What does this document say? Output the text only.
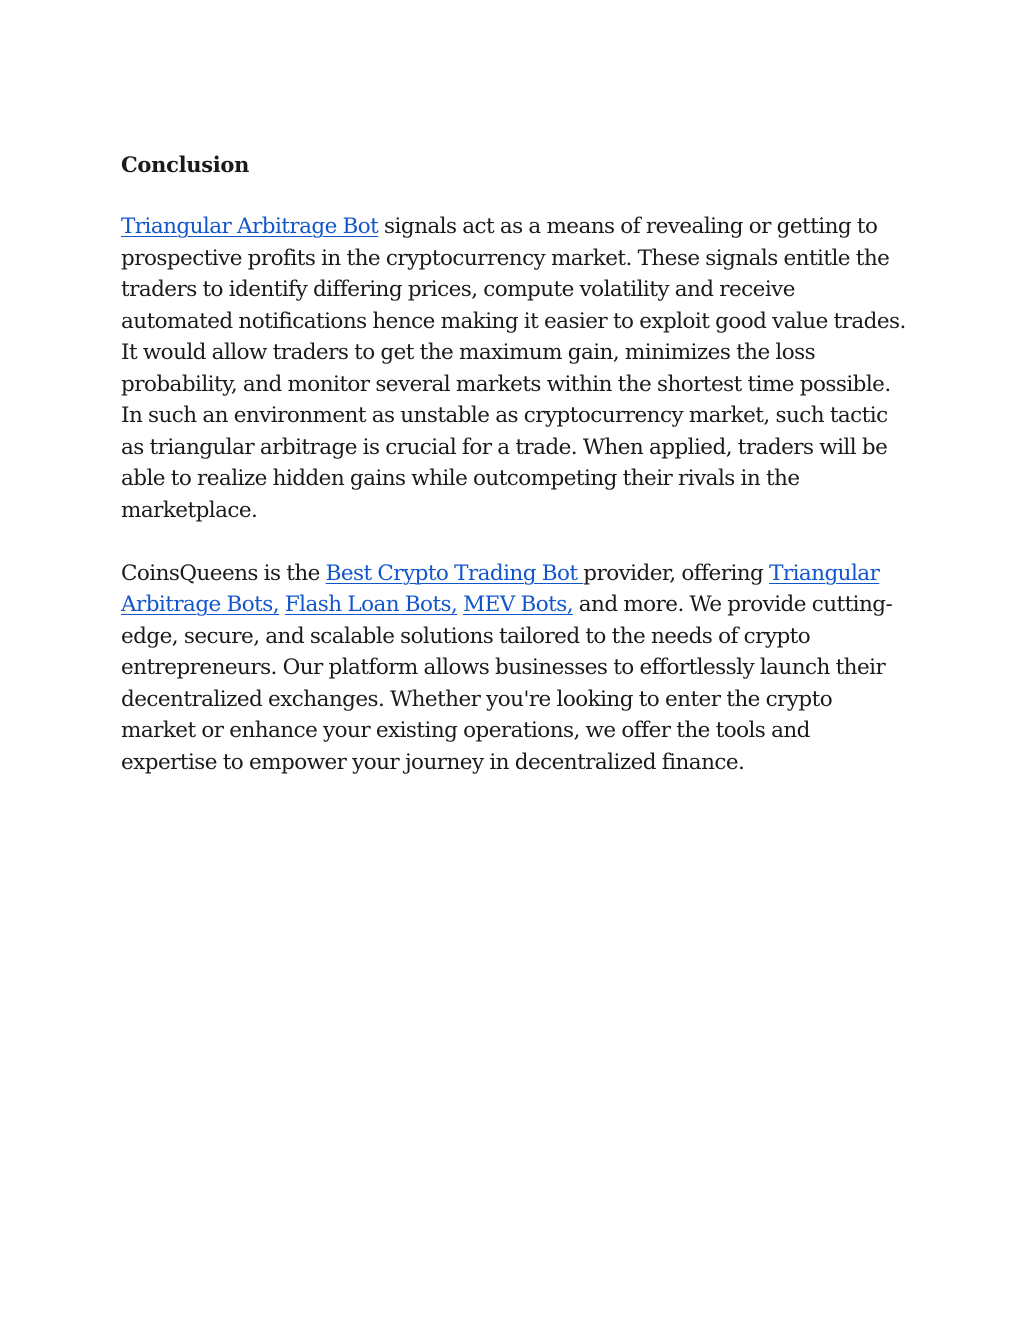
Conclusion

Triangular Arbitrage Bot signals act as a means of revealing or getting to prospective profits in the cryptocurrency market. These signals entitle the traders to identify differing prices, compute volatility and receive automated notifications hence making it easier to exploit good value trades. It would allow traders to get the maximum gain, minimizes the loss probability, and monitor several markets within the shortest time possible. In such an environment as unstable as cryptocurrency market, such tactic as triangular arbitrage is crucial for a trade. When applied, traders will be able to realize hidden gains while outcompeting their rivals in the marketplace.

CoinsQueens is the Best Crypto Trading Bot provider, offering Triangular Arbitrage Bots, Flash Loan Bots, MEV Bots, and more. We provide cutting-edge, secure, and scalable solutions tailored to the needs of crypto entrepreneurs. Our platform allows businesses to effortlessly launch their decentralized exchanges. Whether you're looking to enter the crypto market or enhance your existing operations, we offer the tools and expertise to empower your journey in decentralized finance.
